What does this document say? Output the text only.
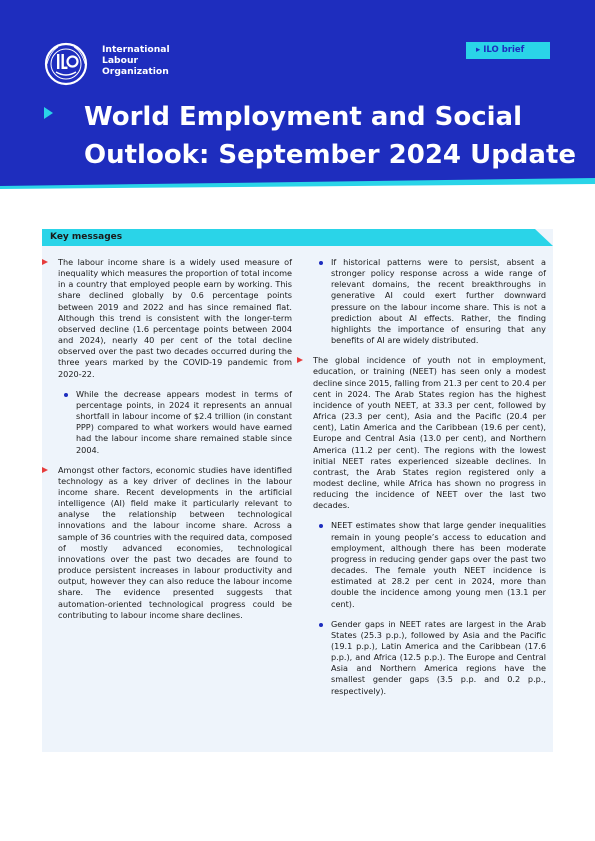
International
Labour
Organization
▸ ILO brief
World Employment and Social
Outlook: September 2024 Update
Key messages

The labour income share is a widely used measure of inequality which measures the proportion of total income in a country that employed people earn by working. This share declined globally by 0.6 percentage points between 2019 and 2022 and has since remained flat. Although this trend is consistent with the longer-term observed decline (1.6 percentage points between 2004 and 2024), nearly 40 per cent of the total decline observed over the past two decades occurred during the three years marked by the COVID-19 pandemic from 2020-22.

While the decrease appears modest in terms of percentage points, in 2024 it represents an annual shortfall in labour income of $2.4 trillion (in constant PPP) compared to what workers would have earned had the labour income share remained stable since 2004.

Amongst other factors, economic studies have identified technology as a key driver of declines in the labour income share. Recent developments in the artificial intelligence (AI) field make it particularly relevant to analyse the relationship between technological innovations and the labour income share. Across a sample of 36 countries with the required data, composed of mostly advanced economies, technological innovations over the past two decades are found to produce persistent increases in labour productivity and output, however they can also reduce the labour income share. The evidence presented suggests that automation-oriented technological progress could be contributing to labour income share declines.

If historical patterns were to persist, absent a stronger policy response across a wide range of relevant domains, the recent breakthroughs in generative AI could exert further downward pressure on the labour income share. This is not a prediction about AI effects. Rather, the finding highlights the importance of ensuring that any benefits of AI are widely distributed.

The global incidence of youth not in employment, education, or training (NEET) has seen only a modest decline since 2015, falling from 21.3 per cent to 20.4 per cent in 2024. The Arab States region has the highest incidence of youth NEET, at 33.3 per cent, followed by Africa (23.3 per cent), Asia and the Pacific (20.4 per cent), Latin America and the Caribbean (19.6 per cent), Europe and Central Asia (13.0 per cent), and Northern America (11.2 per cent). The regions with the lowest initial NEET rates experienced sizeable declines. In contrast, the Arab States region registered only a modest decline, while Africa has shown no progress in reducing the incidence of NEET over the last two decades.

NEET estimates show that large gender inequalities remain in young people’s access to education and employment, although there has been moderate progress in reducing gender gaps over the past two decades. The female youth NEET incidence is estimated at 28.2 per cent in 2024, more than double the incidence among young men (13.1 per cent).

Gender gaps in NEET rates are largest in the Arab States (25.3 p.p.), followed by Asia and the Pacific (19.1 p.p.), Latin America and the Caribbean (17.6 p.p.), and Africa (12.5 p.p.). The Europe and Central Asia and Northern America regions have the smallest gender gaps (3.5 p.p. and 0.2 p.p., respectively).
